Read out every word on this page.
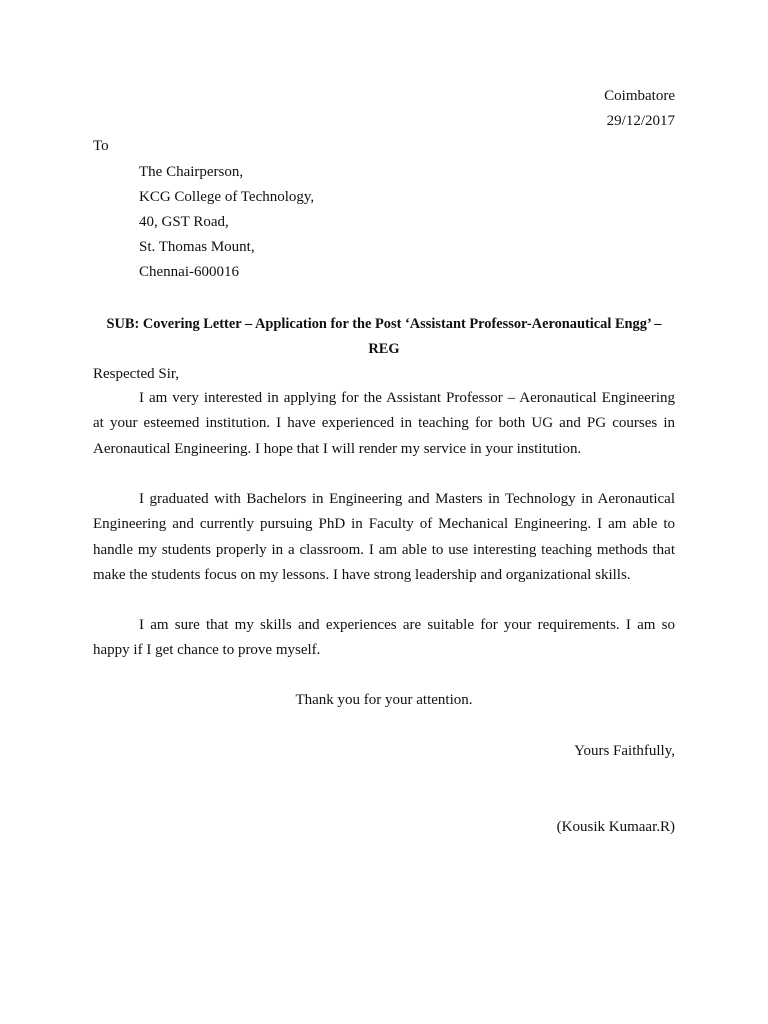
Coimbatore
29/12/2017
To
The Chairperson,
KCG College of Technology,
40, GST Road,
St. Thomas Mount,
Chennai-600016
SUB: Covering Letter – Application for the Post ‘Assistant Professor-Aeronautical Engg’ – REG
Respected Sir,

I am very interested in applying for the Assistant Professor – Aeronautical Engineering at your esteemed institution. I have experienced in teaching for both UG and PG courses in Aeronautical Engineering. I hope that I will render my service in your institution.

I graduated with Bachelors in Engineering and Masters in Technology in Aeronautical Engineering and currently pursuing PhD in Faculty of Mechanical Engineering. I am able to handle my students properly in a classroom. I am able to use interesting teaching methods that make the students focus on my lessons. I have strong leadership and organizational skills.

I am sure that my skills and experiences are suitable for your requirements. I am so happy if I get chance to prove myself.

Thank you for your attention.
Yours Faithfully,
(Kousik Kumaar.R)
